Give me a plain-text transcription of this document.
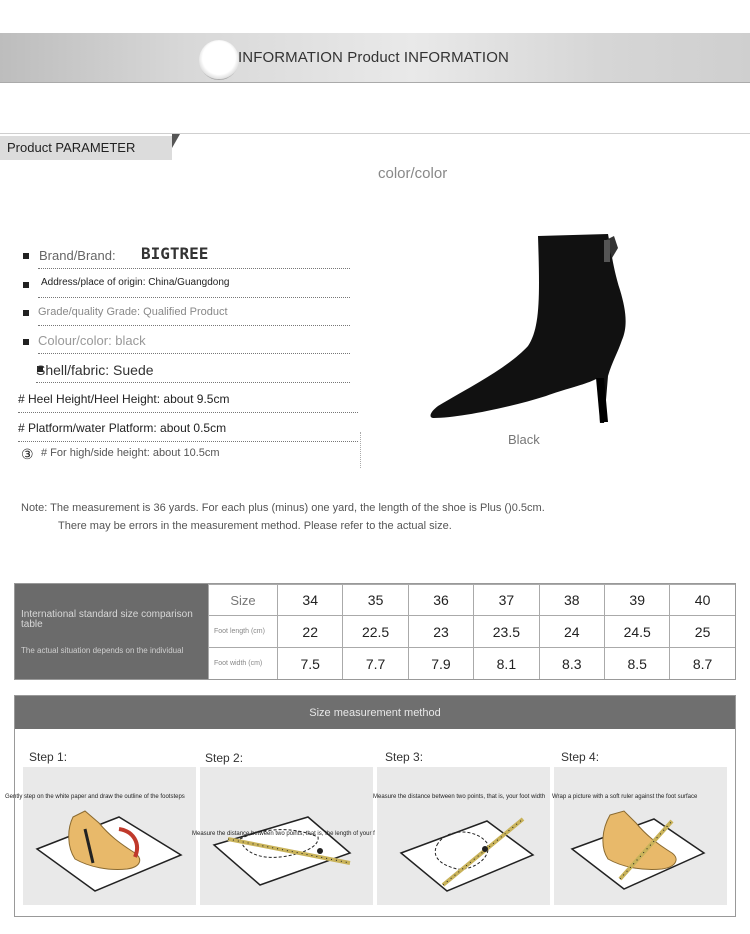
INFORMATION Product INFORMATION
Product PARAMETER
color/color
Brand/Brand: BIGTREE
Address/place of origin: China/Guangdong
Grade/quality Grade: Qualified Product
Colour/color: black
Shell/fabric: Suede
# Heel Height/Heel Height: about 9.5cm
# Platform/water Platform: about 0.5cm
③ # For high/side height: about 10.5cm
Black
Note: The measurement is 36 yards. For each plus (minus) one yard, the length of the shoe is Plus ()0.5cm.
There may be errors in the measurement method. Please refer to the actual size.
International standard size comparison table
The actual situation depends on the individual
Size	34	35	36	37	38	39	40
Foot length (cm)	22	22.5	23	23.5	24	24.5	25
Foot width (cm)	7.5	7.7	7.9	8.1	8.3	8.5	8.7
Size measurement method
Step 1:	Step 2:	Step 3:	Step 4:
Gently step on the white paper and draw the outline of the footsteps
Measure the distance between two points, that is, the length of your f
Measure the distance between two points, that is, your foot width Wrap a picture with a soft ruler against the foot surface
